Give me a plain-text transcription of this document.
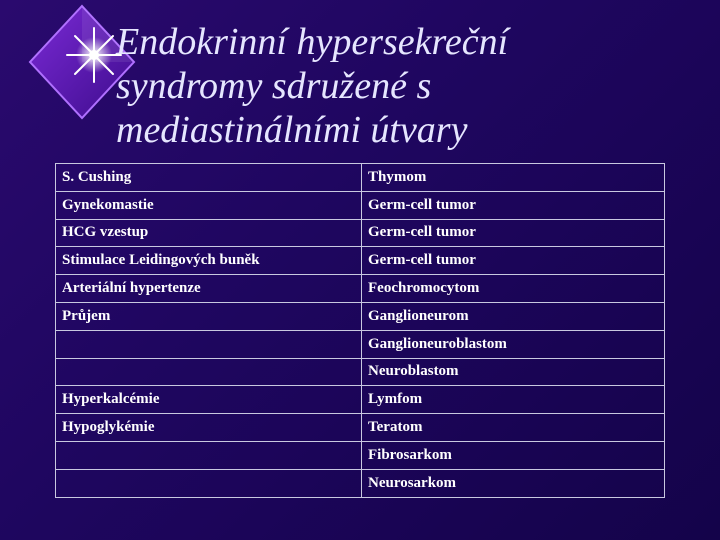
Endokrinní hypersekreční
syndromy sdružené s
mediastinálními útvary
S. Cushing	Thymom
Gynekomastie	Germ-cell tumor
HCG vzestup	Germ-cell tumor
Stimulace Leidingových buněk	Germ-cell tumor
Arteriální hypertenze	Feochromocytom
Průjem	Ganglioneurom
	Ganglioneuroblastom
	Neuroblastom
Hyperkalcémie	Lymfom
Hypoglykémie	Teratom
	Fibrosarkom
	Neurosarkom
